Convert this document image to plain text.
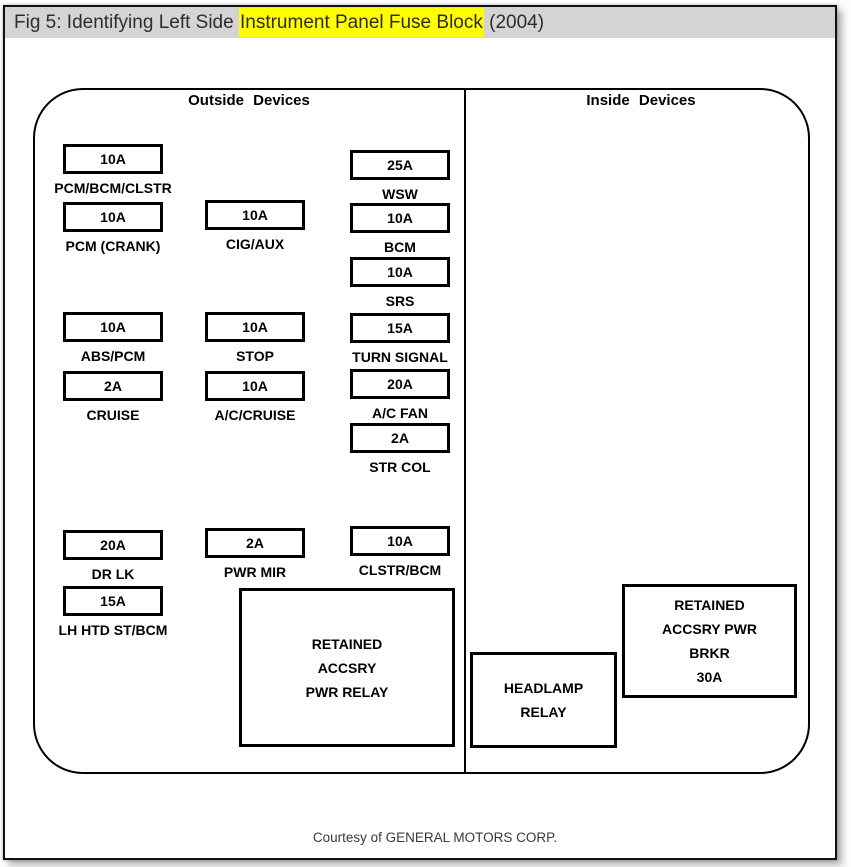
Fig 5: Identifying Left Side Instrument Panel Fuse Block (2004)
Outside Devices	Inside Devices
10A
PCM/BCM/CLSTR
10A
PCM (CRANK)
10A
CIG/AUX
25A
WSW
10A
BCM
10A
SRS
10A
ABS/PCM
10A
STOP
15A
TURN SIGNAL
2A
CRUISE
10A
A/C/CRUISE
20A
A/C FAN
2A
STR COL
20A
DR LK
2A
PWR MIR
10A
CLSTR/BCM
15A
LH HTD ST/BCM
RETAINED
ACCSRY
PWR RELAY	HEADLAMP
RELAY
RETAINED
ACCSRY PWR
BRKR
30A
Courtesy of GENERAL MOTORS CORP.
